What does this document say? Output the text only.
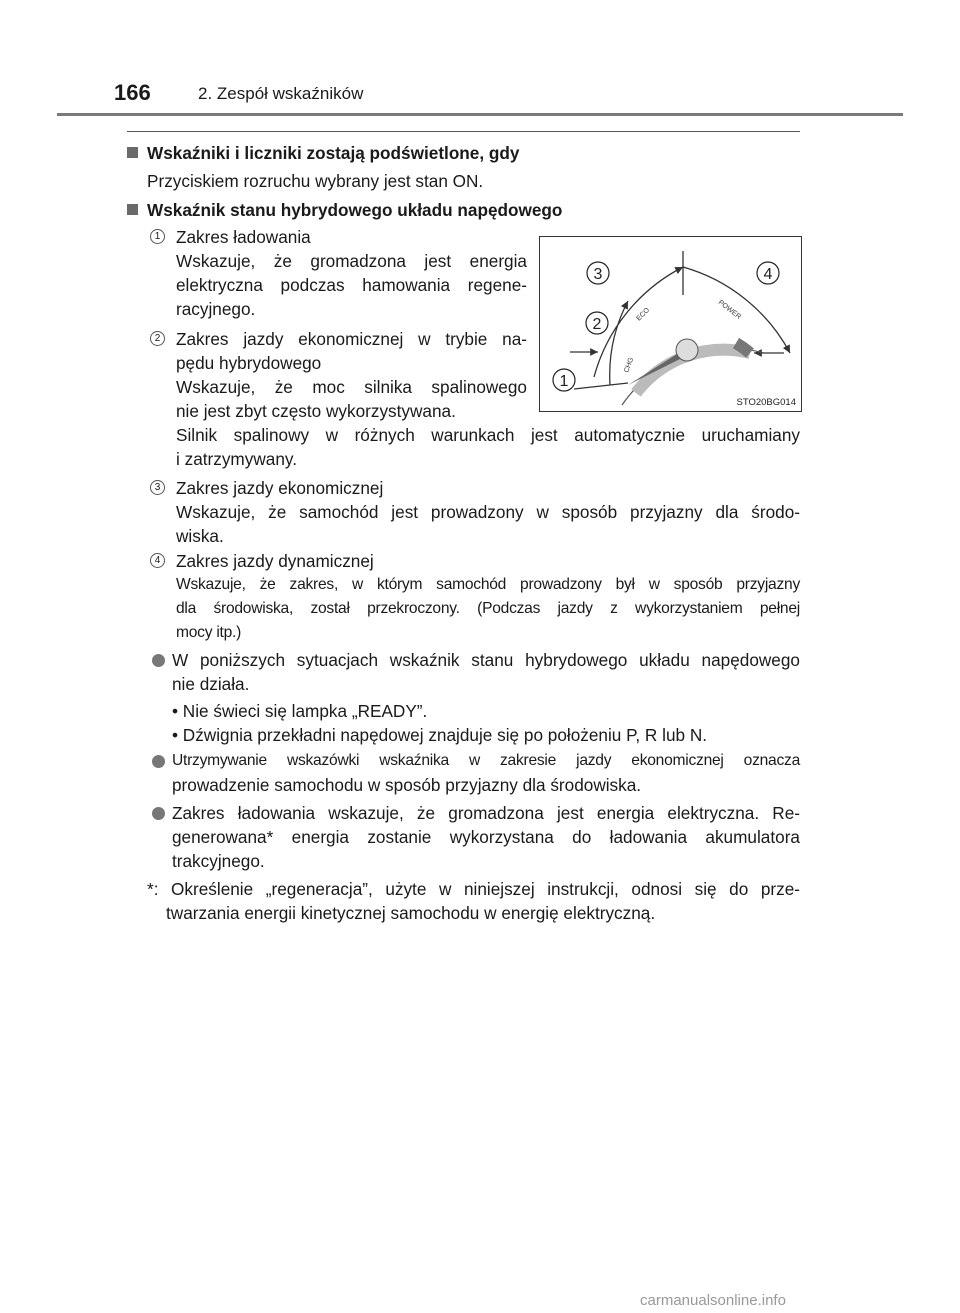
166	2. Zespół wskaźników
Wskaźniki i liczniki zostają podświetlone, gdy
Przyciskiem rozruchu wybrany jest stan ON.
Wskaźnik stanu hybrydowego układu napędowego
1 Zakres ładowania
Wskazuje, że gromadzona jest energia
elektryczna podczas hamowania regene-
racyjnego.
2 Zakres jazdy ekonomicznej w trybie na-
pędu hybrydowego
Wskazuje, że moc silnika spalinowego
nie jest zbyt często wykorzystywana.
CHG
ECO	POWER
3	4
2
1
STO20BG014
Silnik spalinowy w różnych warunkach jest automatycznie uruchamiany
i zatrzymywany.
3 Zakres jazdy ekonomicznej
Wskazuje, że samochód jest prowadzony w sposób przyjazny dla środo-
wiska.
4 Zakres jazdy dynamicznej
Wskazuje, że zakres, w którym samochód prowadzony był w sposób przyjazny
dla środowiska, został przekroczony. (Podczas jazdy z wykorzystaniem pełnej
mocy itp.)
W poniższych sytuacjach wskaźnik stanu hybrydowego układu napędowego
nie działa.
• Nie świeci się lampka „READY”.
• Dźwignia przekładni napędowej znajduje się po położeniu P, R lub N.
Utrzymywanie wskazówki wskaźnika w zakresie jazdy ekonomicznej oznacza
prowadzenie samochodu w sposób przyjazny dla środowiska.
Zakres ładowania wskazuje, że gromadzona jest energia elektryczna. Re-
generowana* energia zostanie wykorzystana do ładowania akumulatora
trakcyjnego.
*: Określenie „regeneracja”, użyte w niniejszej instrukcji, odnosi się do prze-
twarzania energii kinetycznej samochodu w energię elektryczną.
carmanualsonline.info
